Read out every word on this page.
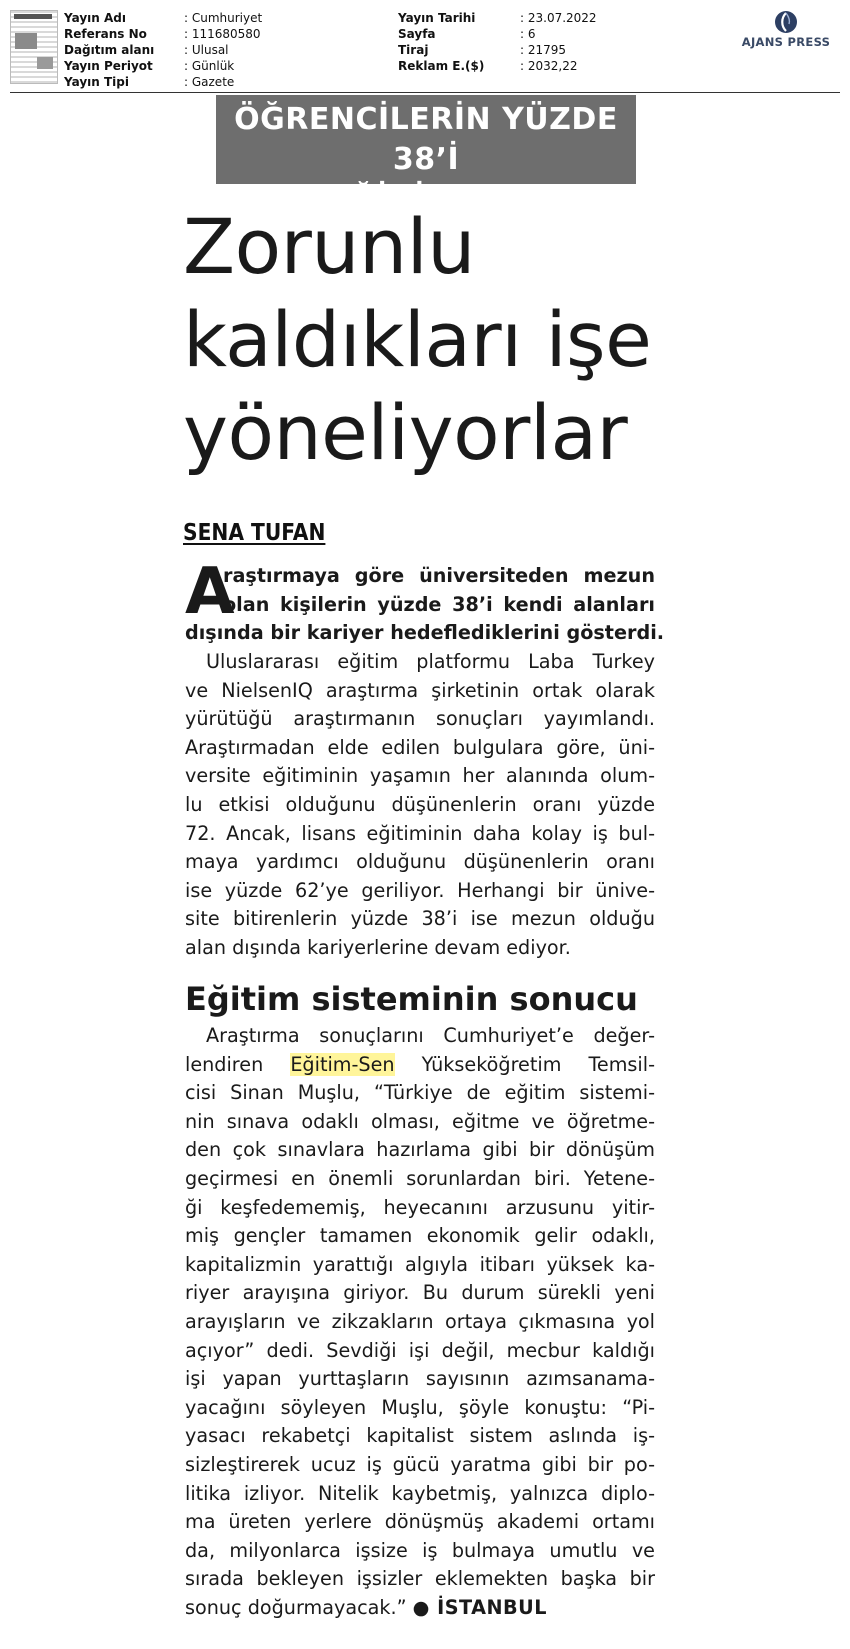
Yayın Adı	: Cumhuriyet
Referans No	: 111680580
Dağıtım alanı : Ulusal
Yayın Periyot	: Günlük
Yayın Tipi	: Gazete
Yayın Tarihi	: 23.07.2022
Sayfa	: 6
Tiraj	: 21795
Reklam E.($)	: 2032,22
AJANS PRESS
ÖĞRENCİLERİN YÜZDE 38’İ
MESLEĞİNİ YAPMIYOR
Zorunlu
kaldıkları işe
yöneliyorlar
SENA TUFAN
A
raştırmaya göre üniversiteden mezun
olan kişilerin yüzde 38’i kendi alanları
dışında bir kariyer hedeflediklerini gösterdi.
Uluslararası eğitim platformu Laba Turkey
ve NielsenIQ araştırma şirketinin ortak olarak
yürütüğü araştırmanın sonuçları yayımlandı.
Araştırmadan elde edilen bulgulara göre, üni-
versite eğitiminin yaşamın her alanında olum-
lu etkisi olduğunu düşünenlerin oranı yüzde
72. Ancak, lisans eğitiminin daha kolay iş bul-
maya yardımcı olduğunu düşünenlerin oranı
ise yüzde 62’ye geriliyor. Herhangi bir ünive-
site bitirenlerin yüzde 38’i ise mezun olduğu
alan dışında kariyerlerine devam ediyor.
Eğitim sisteminin sonucu
Araştırma sonuçlarını Cumhuriyet’e değer-
lendiren Eğitim-Sen Yükseköğretim Temsil-
cisi Sinan Muşlu, “Türkiye de eğitim sistemi-
nin sınava odaklı olması, eğitme ve öğretme-
den çok sınavlara hazırlama gibi bir dönüşüm
geçirmesi en önemli sorunlardan biri. Yetene-
ği keşfedememiş, heyecanını arzusunu yitir-
miş gençler tamamen ekonomik gelir odaklı,
kapitalizmin yarattığı algıyla itibarı yüksek ka-
riyer arayışına giriyor. Bu durum sürekli yeni
arayışların ve zikzakların ortaya çıkmasına yol
açıyor” dedi. Sevdiği işi değil, mecbur kaldığı
işi yapan yurttaşların sayısının azımsanama-
yacağını söyleyen Muşlu, şöyle konuştu: “Pi-
yasacı rekabetçi kapitalist sistem aslında iş-
sizleştirerek ucuz iş gücü yaratma gibi bir po-
litika izliyor. Nitelik kaybetmiş, yalnızca diplo-
ma üreten yerlere dönüşmüş akademi ortamı
da, milyonlarca işsize iş bulmaya umutlu ve
sırada bekleyen işsizler eklemekten başka bir
sonuç doğurmayacak.” ● İSTANBUL
